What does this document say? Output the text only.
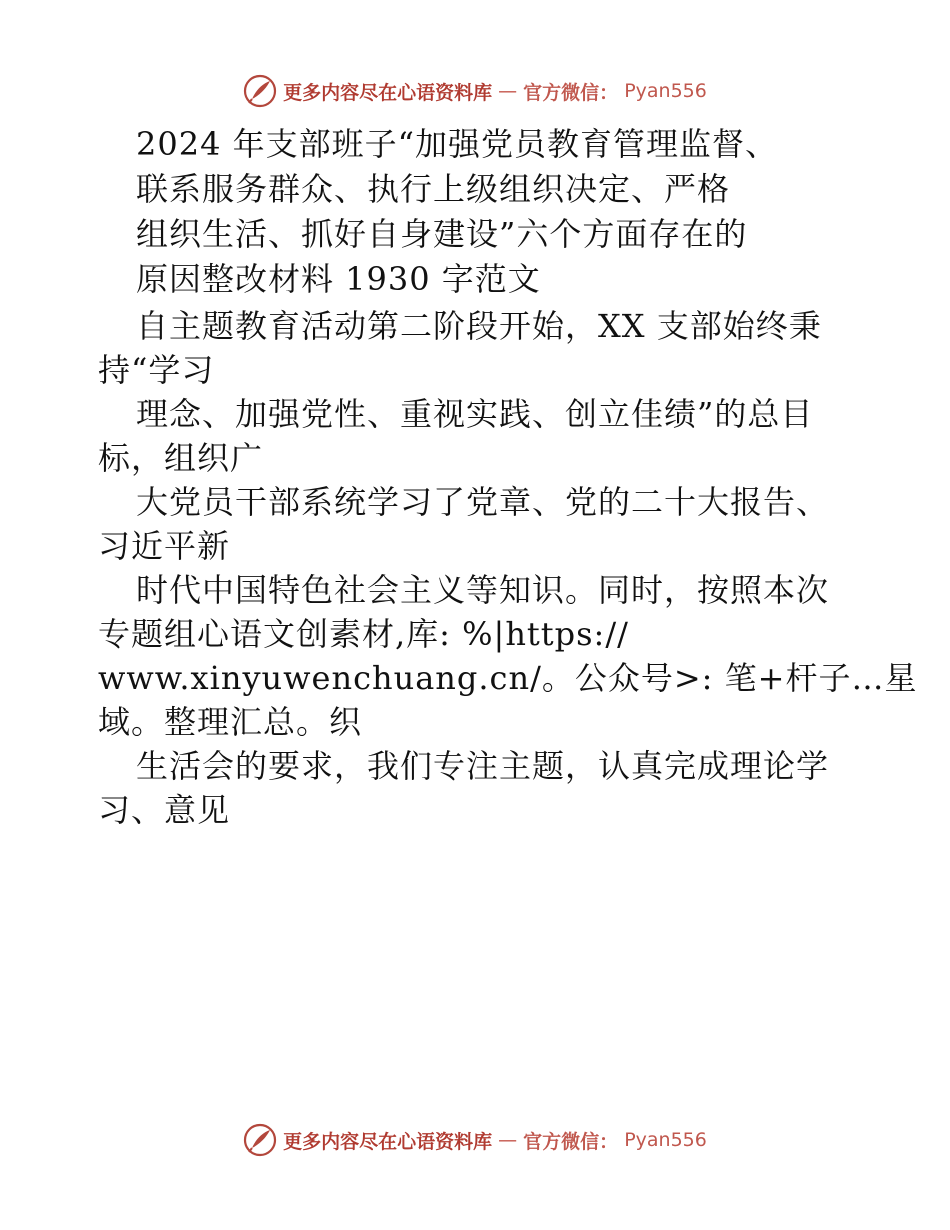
更多内容尽在心语资料库 — 官方微信： Pyan556
2024 年支部班子“加强党员教育管理监督、
联系服务群众、执行上级组织决定、严格
组织生活、抓好自身建设”六个方面存在的
原因整改材料 1930 字范文
自主题教育活动第二阶段开始，XX 支部始终秉
持“学习
理念、加强党性、重视实践、创立佳绩”的总目
标，组织广
大党员干部系统学习了党章、党的二十大报告、
习近平新
时代中国特色社会主义等知识。同时，按照本次
专题组心语文创素材,库: %|https://
www.xinyuwenchuang.cn/。公众号>: 笔+杆子…星
域。整理汇总。织
生活会的要求，我们专注主题，认真完成理论学
习、意见
更多内容尽在心语资料库 — 官方微信： Pyan556
